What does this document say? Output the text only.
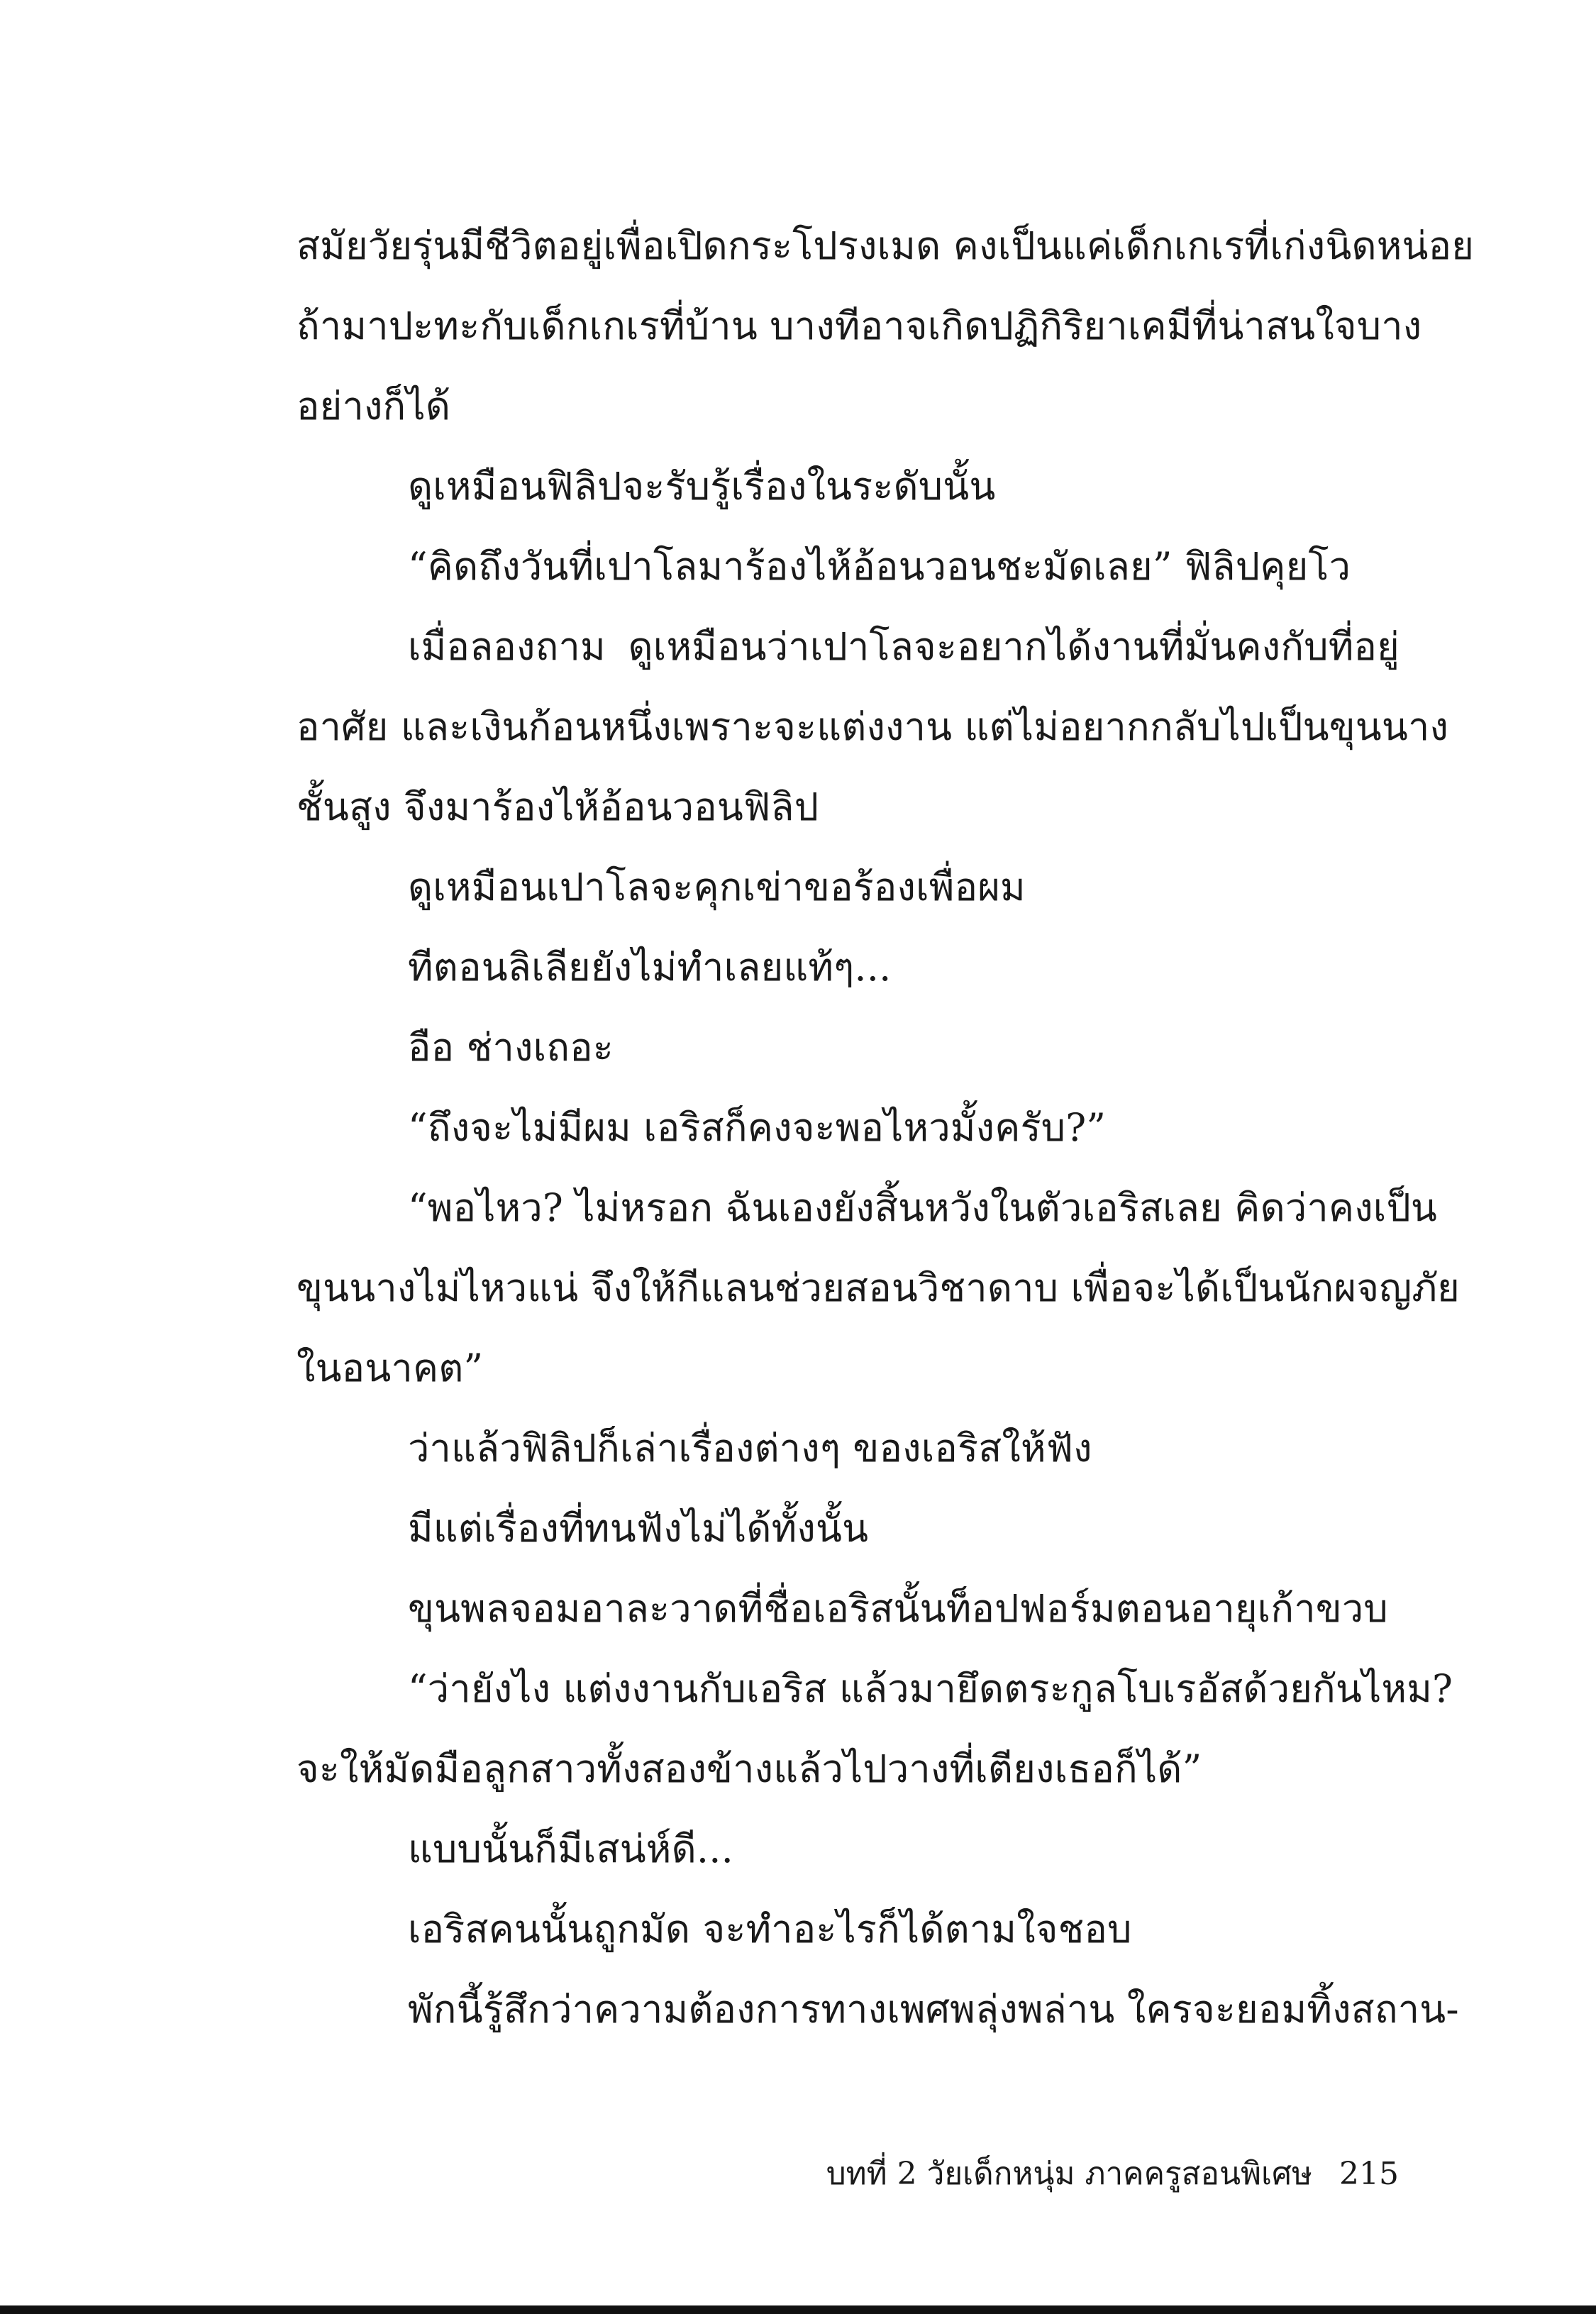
สมัยวัยรุ่นมีชีวิตอยู่เพื่อเปิดกระโปรงเมด คงเป็นแค่เด็กเกเรที่เก่งนิดหน่อย
ถ้ามาปะทะกับเด็กเกเรที่บ้าน บางทีอาจเกิดปฏิกิริยาเคมีที่น่าสนใจบาง
อย่างก็ได้
ดูเหมือนฟิลิปจะรับรู้เรื่องในระดับนั้น
“คิดถึงวันที่เปาโลมาร้องไห้อ้อนวอนชะมัดเลย” ฟิลิปคุยโว
เมื่อลองถาม ดูเหมือนว่าเปาโลจะอยากได้งานที่มั่นคงกับที่อยู่
อาศัย และเงินก้อนหนึ่งเพราะจะแต่งงาน แต่ไม่อยากกลับไปเป็นขุนนาง
ชั้นสูง จึงมาร้องไห้อ้อนวอนฟิลิป
ดูเหมือนเปาโลจะคุกเข่าขอร้องเพื่อผม
ทีตอนลิเลียยังไม่ทำเลยแท้ๆ...
อือ ช่างเถอะ
“ถึงจะไม่มีผม เอริสก็คงจะพอไหวมั้งครับ?”
“พอไหว? ไม่หรอก ฉันเองยังสิ้นหวังในตัวเอริสเลย คิดว่าคงเป็น
ขุนนางไม่ไหวแน่ จึงให้กีแลนช่วยสอนวิชาดาบ เพื่อจะได้เป็นนักผจญภัย
ในอนาคต”
ว่าแล้วฟิลิปก็เล่าเรื่องต่างๆ ของเอริสให้ฟัง
มีแต่เรื่องที่ทนฟังไม่ได้ทั้งนั้น
ขุนพลจอมอาละวาดที่ชื่อเอริสนั้นท็อปฟอร์มตอนอายุเก้าขวบ
“ว่ายังไง แต่งงานกับเอริส แล้วมายึดตระกูลโบเรอัสด้วยกันไหม?
จะให้มัดมือลูกสาวทั้งสองข้างแล้วไปวางที่เตียงเธอก็ได้”
แบบนั้นก็มีเสน่ห์ดี...
เอริสคนนั้นถูกมัด จะทำอะไรก็ได้ตามใจชอบ
พักนี้รู้สึกว่าความต้องการทางเพศพลุ่งพล่าน ใครจะยอมทิ้งสถาน-
บทที่ 2 วัยเด็กหนุ่ม ภาคครูสอนพิเศษ 215
